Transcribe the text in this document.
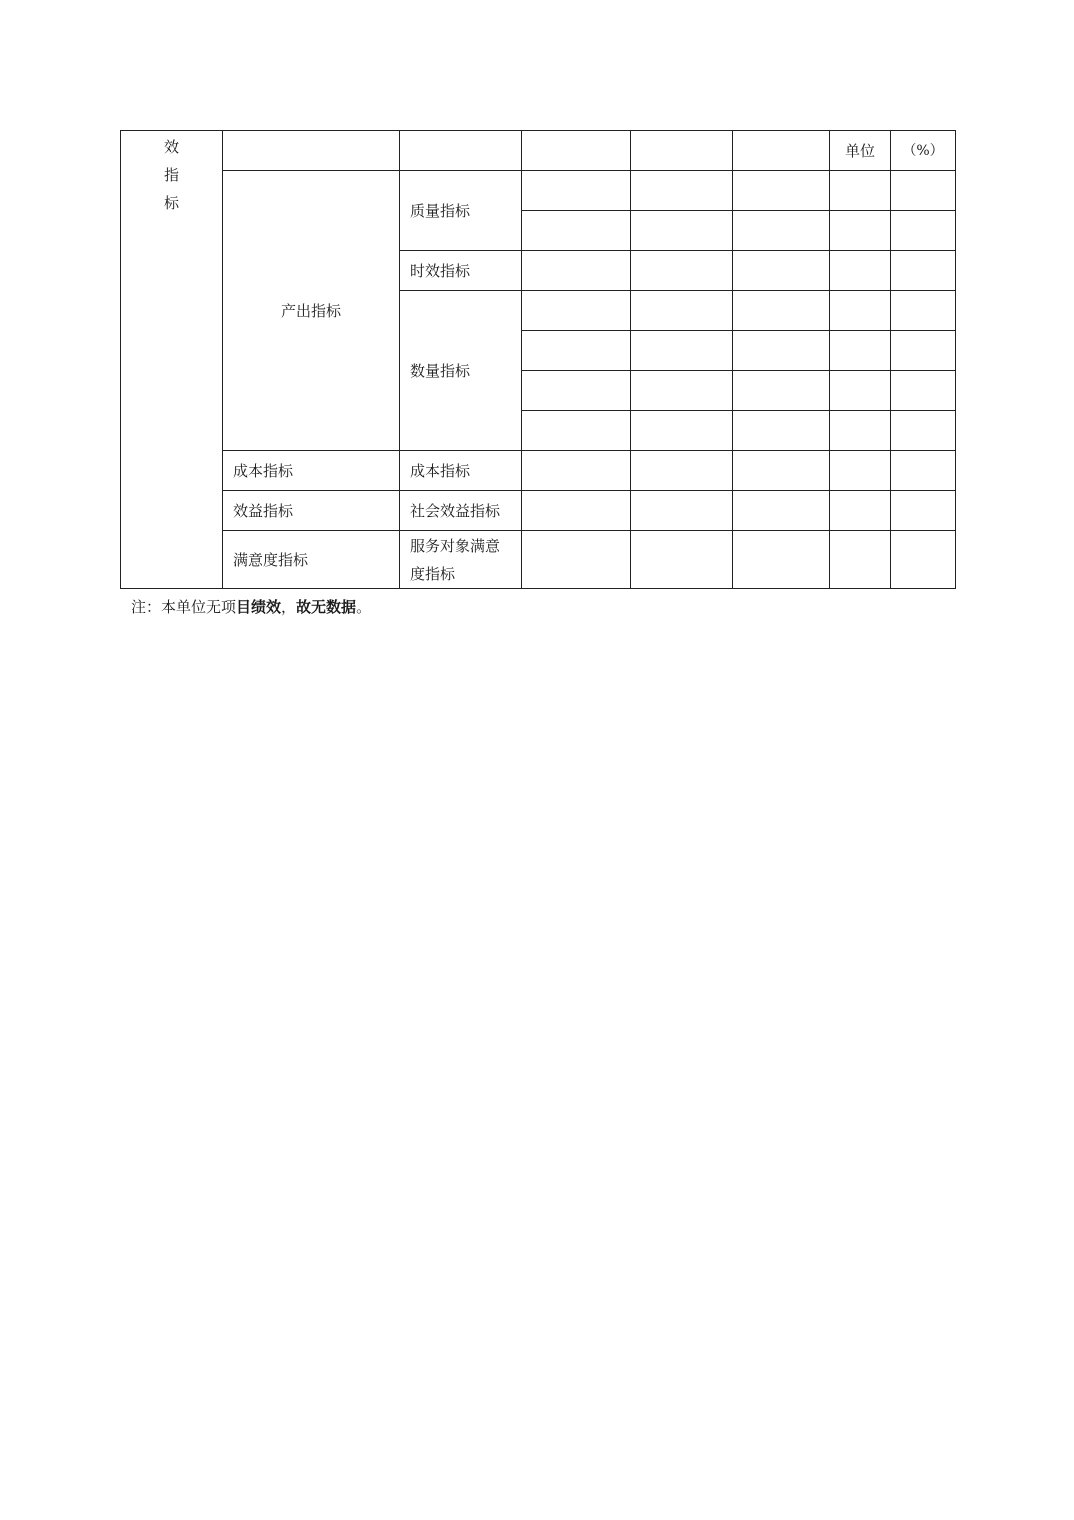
效
指
标						单位	（%）
	产出指标	质量指标					

		时效指标					
		数量指标					

	成本指标	成本指标					
	效益指标	社会效益指标					
	满意度指标	服务对象满意
度指标					

注：本单位无项目绩效，故无数据。
